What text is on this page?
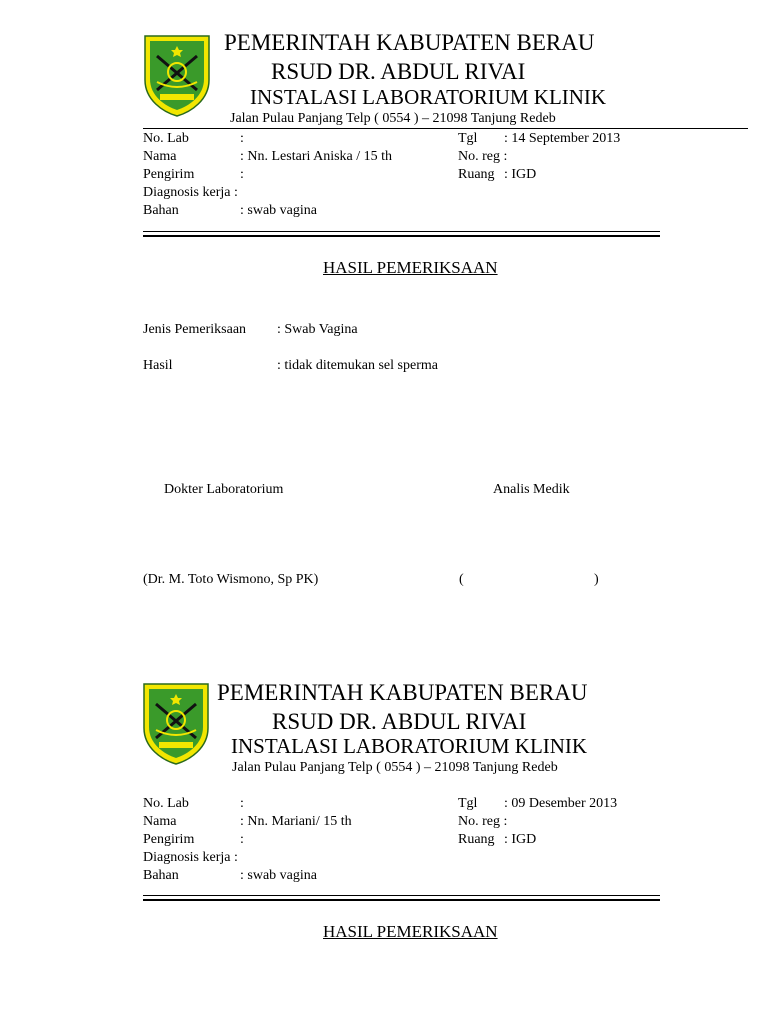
PEMERINTAH KABUPATEN BERAU
RSUD DR. ABDUL RIVAI
INSTALASI LABORATORIUM KLINIK
Jalan Pulau Panjang Telp ( 0554 ) – 21098 Tanjung Redeb
No. Lab	:
Nama	: Nn. Lestari Aniska / 15 th
Pengirim	:
Diagnosis kerja :
Bahan	: swab vagina
Tgl : 14 September 2013
No. reg :
Ruang : IGD
HASIL PEMERIKSAAN
Jenis Pemeriksaan : Swab Vagina
Hasil	: tidak ditemukan sel sperma
Dokter Laboratorium	Analis Medik
(Dr. M. Toto Wismono, Sp PK)	(	)
PEMERINTAH KABUPATEN BERAU
RSUD DR. ABDUL RIVAI
INSTALASI LABORATORIUM KLINIK
Jalan Pulau Panjang Telp ( 0554 ) – 21098 Tanjung Redeb
No. Lab	:
Nama	: Nn. Mariani/ 15 th
Pengirim	:
Diagnosis kerja :
Bahan	: swab vagina
Tgl : 09 Desember 2013
No. reg :
Ruang : IGD
HASIL PEMERIKSAAN
